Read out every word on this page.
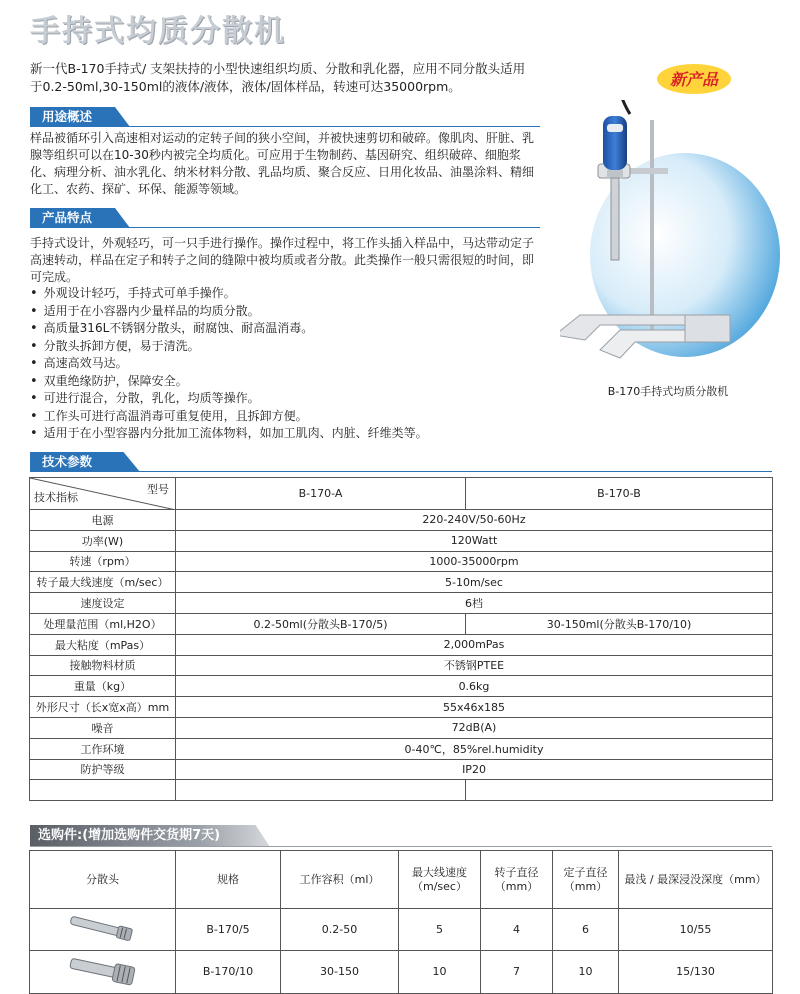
手持式均质分散机
新一代B-170手持式/ 支架扶持的小型快速组织均质、分散和乳化器，应用不同分散头适用于0.2-50ml,30-150ml的液体/液体，液体/固体样品，转速可达35000rpm。	新产品
用途概述
样品被循环引入高速相对运动的定转子间的狭小空间，并被快速剪切和破碎。像肌肉、肝脏、乳腺等组织可以在10-30秒内被完全均质化。可应用于生物制药、基因研究、组织破碎、细胞浆化、病理分析、油水乳化、纳米材料分散、乳品均质、聚合反应、日用化妆品、油墨涂料、精细化工、农药、探矿、环保、能源等领域。
产品特点
手持式设计，外观轻巧，可一只手进行操作。操作过程中，将工作头插入样品中，马达带动定子高速转动，样品在定子和转子之间的缝隙中被均质或者分散。此类操作一般只需很短的时间，即可完成。
• 外观设计轻巧，手持式可单手操作。
• 适用于在小容器内少量样品的均质分散。
• 高质量316L不锈钢分散头，耐腐蚀、耐高温消毒。
• 分散头拆卸方便，易于清洗。
• 高速高效马达。
• 双重绝缘防护，保障安全。
• 可进行混合，分散，乳化，均质等操作。
• 工作头可进行高温消毒可重复使用，且拆卸方便。
• 适用于在小型容器内分批加工流体物料，如加工肌肉、内脏、纤维类等。
B-170手持式均质分散机
技术参数
型号
技术指标	B-170-A	B-170-B
电源	220-240V/50-60Hz	
功率(W)	120Watt	
转速（rpm）	1000-35000rpm	
转子最大线速度（m/sec）	5-10m/sec	
速度设定	6档	
处理量范围（ml,H2O）	0.2-50ml(分散头B-170/5)	30-150ml(分散头B-170/10)
最大粘度（mPas）	2,000mPas	
接触物料材质	不锈钢PTEE	
重量（kg）	0.6kg	
外形尺寸（长x宽x高）mm	55x46x185	
噪音	72dB(A)	
工作环境	0-40℃，85%rel.humidity	
防护等级	IP20	

选购件:(增加选购件交货期7天)
分散头	规格	工作容积（ml）	最大线速度（m/sec）	转子直径（mm）	定子直径（mm）	最浅 / 最深浸没深度（mm）
	B-170/5	0.2-50	5	4	6	10/55
	B-170/10	30-150	10	7	10	15/130
